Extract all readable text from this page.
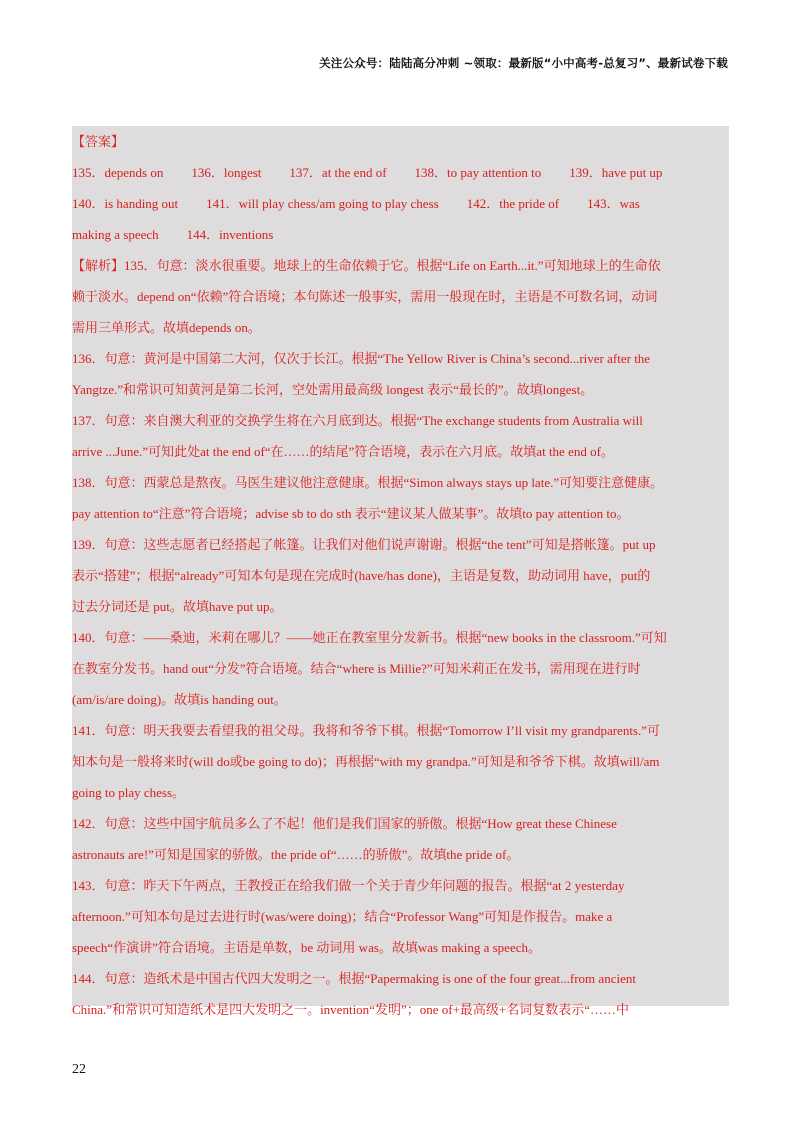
关注公众号：陆陆高分冲刺 ~领取：最新版“小中高考-总复习”、最新试卷下载
【答案】
135．depends on 136．longest 137．at the end of 138．to pay attention to 139．have put up
140．is handing out 141．will play chess/am going to play chess 142．the pride of 143．was
making a speech 144．inventions
【解析】135．句意：淡水很重要。地球上的生命依赖于它。根据“Life on Earth...it.”可知地球上的生命依
赖于淡水。depend on“依赖”符合语境；本句陈述一般事实，需用一般现在时，主语是不可数名词，动词
需用三单形式。故填depends on。
136．句意：黄河是中国第二大河，仅次于长江。根据“The Yellow River is China’s second...river after the
Yangtze.”和常识可知黄河是第二长河，空处需用最高级 longest 表示“最长的”。故填longest。
137．句意：来自澳大利亚的交换学生将在六月底到达。根据“The exchange students from Australia will
arrive ...June.”可知此处at the end of“在……的结尾”符合语境，表示在六月底。故填at the end of。
138．句意：西蒙总是熬夜。马医生建议他注意健康。根据“Simon always stays up late.”可知要注意健康。
pay attention to“注意”符合语境；advise sb to do sth 表示“建议某人做某事”。故填to pay attention to。
139．句意：这些志愿者已经搭起了帐篷。让我们对他们说声谢谢。根据“the tent”可知是搭帐篷。put up
表示“搭建”；根据“already”可知本句是现在完成时(have/has done)，主语是复数，助动词用 have，put的
过去分词还是 put。故填have put up。
140．句意：——桑迪，米莉在哪儿？——她正在教室里分发新书。根据“new books in the classroom.”可知
在教室分发书。hand out“分发”符合语境。结合“where is Millie?”可知米莉正在发书，需用现在进行时
(am/is/are doing)。故填is handing out。
141．句意：明天我要去看望我的祖父母。我将和爷爷下棋。根据“Tomorrow I’ll visit my grandparents.”可
知本句是一般将来时(will do或be going to do)；再根据“with my grandpa.”可知是和爷爷下棋。故填will/am
going to play chess。
142．句意：这些中国宇航员多么了不起！他们是我们国家的骄傲。根据“How great these Chinese
astronauts are!”可知是国家的骄傲。the pride of“……的骄傲”。故填the pride of。
143．句意：昨天下午两点，王教授正在给我们做一个关于青少年问题的报告。根据“at 2 yesterday
afternoon.”可知本句是过去进行时(was/were doing)；结合“Professor Wang”可知是作报告。make a
speech“作演讲”符合语境。主语是单数，be 动词用 was。故填was making a speech。
144．句意：造纸术是中国古代四大发明之一。根据“Papermaking is one of the four great...from ancient
China.”和常识可知造纸术是四大发明之一。invention“发明”；one of+最高级+名词复数表示“……中
22
